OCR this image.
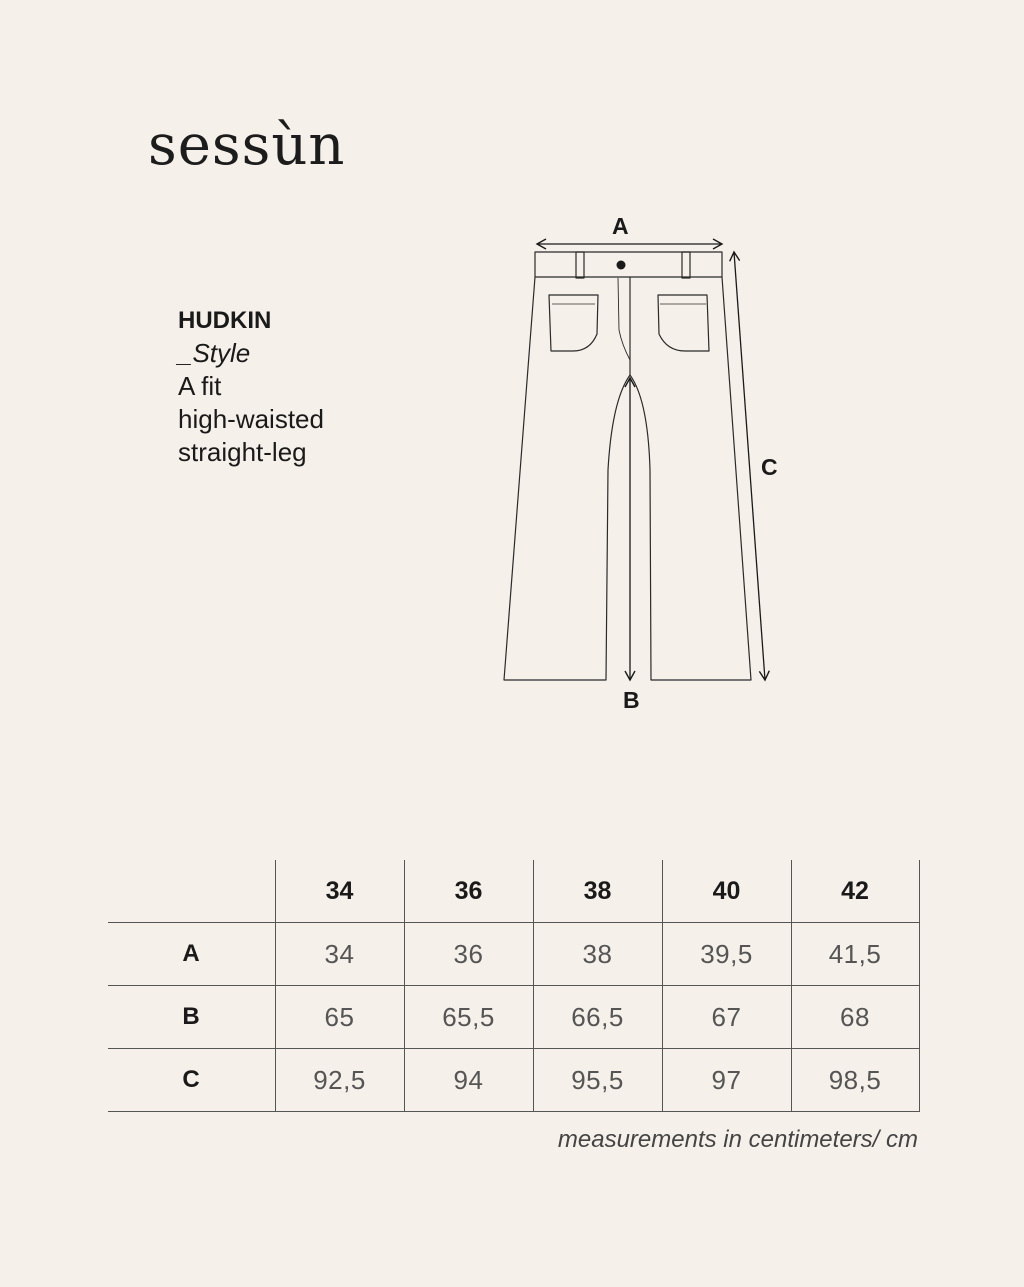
sessùn
HUDKIN
_Style
A fit
high-waisted
straight-leg
A
B
C
	34	36	38	40	42
A	34	36	38	39,5	41,5
B	65	65,5	66,5	67	68
C	92,5	94	95,5	97	98,5
measurements in centimeters/ cm
